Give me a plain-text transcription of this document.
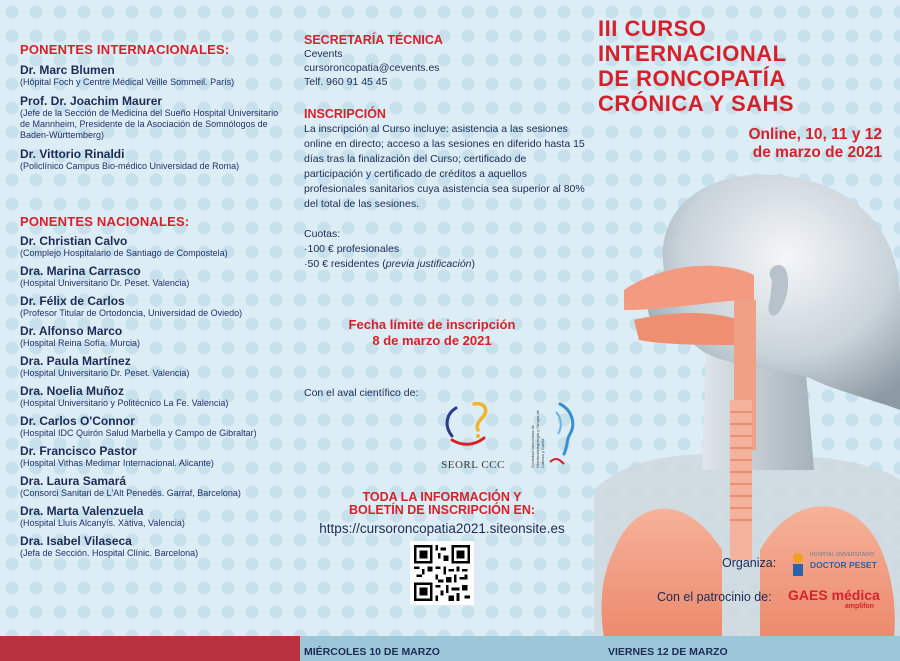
PONENTES INTERNACIONALES:
Dr. Marc Blumen
(Hôpital Foch y Centre Médical Veille Sommeil. París)
Prof. Dr. Joachim Maurer
(Jefe de la Sección de Medicina del Sueño Hospital Universitario de Mannheim, Presidente de la Asociación de Somnólogos de Baden-Württemberg)
Dr. Vittorio Rinaldi
(Policlínico Campus Bio-médico Universidad de Roma)
PONENTES NACIONALES:
Dr. Christian Calvo
(Complejo Hospitalario de Santiago de Compostela)
Dra. Marina Carrasco
(Hospital Universitario Dr. Peset. Valencia)
Dr. Félix de Carlos
(Profesor Titular de Ortodoncia, Universidad de Oviedo)
Dr. Alfonso Marco
(Hospital Reina Sofía. Murcia)
Dra. Paula Martínez
(Hospital Universitario Dr. Peset. Valencia)
Dra. Noelia Muñoz
(Hospital Universitario y Politécnico La Fe. Valencia)
Dr. Carlos O'Connor
(Hospital IDC Quirón Salud Marbella y Campo de Gibraltar)
Dr. Francisco Pastor
(Hospital Vithas Medimar Internacional. Alicante)
Dra. Laura Samará
(Consorci Sanitari de L'Alt Penedès. Garraf, Barcelona)
Dra. Marta Valenzuela
(Hospital Lluís Alcanyís. Xàtiva, Valencia)
Dra. Isabel Vilaseca
(Jefa de Sección. Hospital Clínic. Barcelona)
SECRETARÍA TÉCNICA
Cevents
cursoroncopatia@cevents.es
Telf. 960 91 45 45
INSCRIPCIÓN
La inscripción al Curso incluye: asistencia a las sesiones online en directo; acceso a las sesiones en diferido hasta 15 días tras la finalización del Curso; certificado de participación y certificado de créditos a aquellos profesionales sanitarios cuya asistencia sea superior al 80% del total de las sesiones.
Cuotas:
·100 € profesionales
·50 € residentes (previa justificación)
Fecha límite de inscripción
8 de marzo de 2021
Con el aval científico de:
SEORL CCC	Sociedad Valenciana de Otorrinolaringología y Cirugía de Cabeza y Cuello
TODA LA INFORMACIÓN Y
BOLETÍN DE INSCRIPCIÓN EN:
https://cursoroncopatia2021.siteonsite.es
III CURSO
INTERNACIONAL
DE RONCOPATÍA
CRÓNICA Y SAHS
Online, 10, 11 y 12
de marzo de 2021
Organiza:
HOSPITAL UNIVERSITARIO
DOCTOR PESET
Con el patrocinio de: GAES médica
amplifon
MIÉRCOLES 10 DE MARZO	VIERNES 12 DE MARZO
